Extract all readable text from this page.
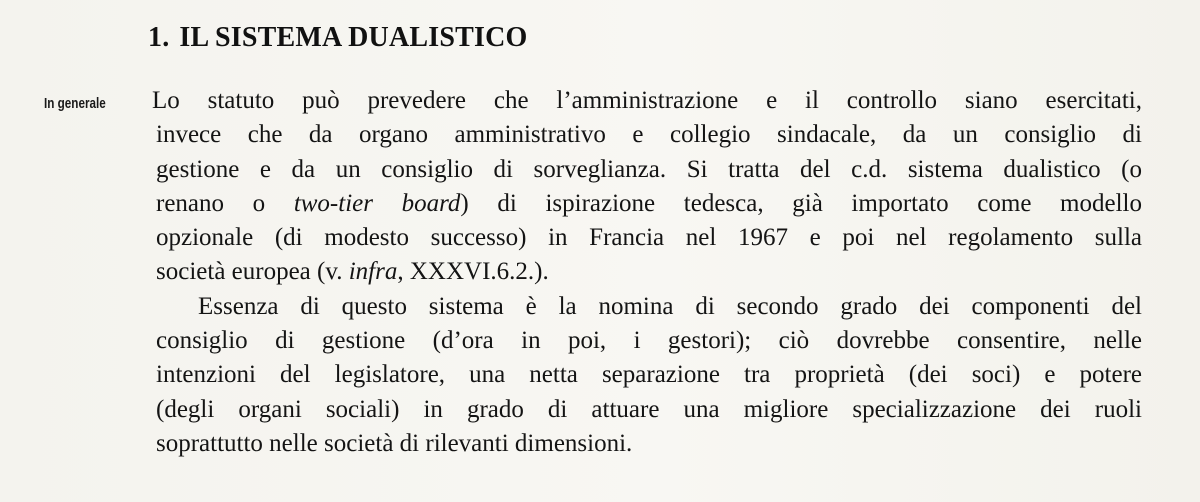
1. IL SISTEMA DUALISTICO
In generale Lo statuto può prevedere che l’amministrazione e il controllo siano esercitati,
invece che da organo amministrativo e collegio sindacale, da un consiglio di
gestione e da un consiglio di sorveglianza. Si tratta del c.d. sistema dualistico (o
renano o two-tier board) di ispirazione tedesca, già importato come modello
opzionale (di modesto successo) in Francia nel 1967 e poi nel regolamento sulla
società europea (v. infra, XXXVI.6.2.).
Essenza di questo sistema è la nomina di secondo grado dei componenti del
consiglio di gestione (d’ora in poi, i gestori); ciò dovrebbe consentire, nelle
intenzioni del legislatore, una netta separazione tra proprietà (dei soci) e potere
(degli organi sociali) in grado di attuare una migliore specializzazione dei ruoli
soprattutto nelle società di rilevanti dimensioni.
